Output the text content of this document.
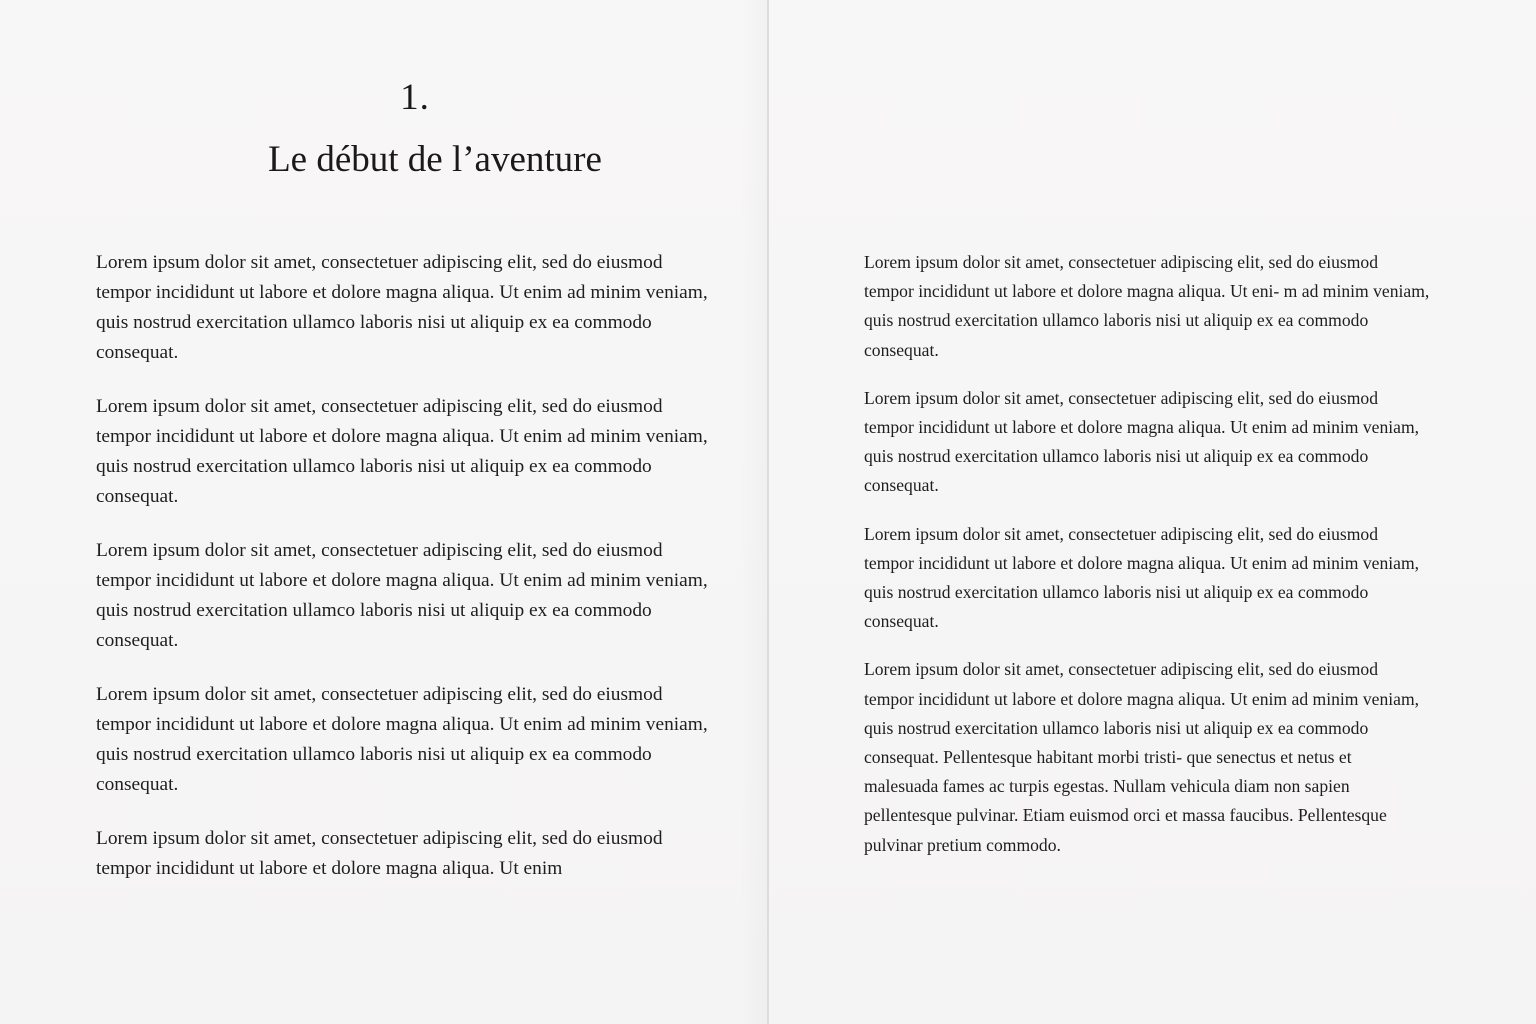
1.
Le début de l’aventure

Lorem ipsum dolor sit amet, consectetuer adipiscing elit, sed do eiusmod tempor incididunt ut labore et dolore magna aliqua. Ut enim ad minim veniam, quis nostrud exercitation ullamco laboris nisi ut aliquip ex ea commodo consequat.

Lorem ipsum dolor sit amet, consectetuer adipiscing elit, sed do eiusmod tempor incididunt ut labore et dolore magna aliqua. Ut enim ad minim veniam, quis nostrud exercitation ullamco laboris nisi ut aliquip ex ea commodo consequat.

Lorem ipsum dolor sit amet, consectetuer adipiscing elit, sed do eiusmod tempor incididunt ut labore et dolore magna aliqua. Ut enim ad minim veniam, quis nostrud exercitation ullamco laboris nisi ut aliquip ex ea commodo consequat.

Lorem ipsum dolor sit amet, consectetuer adipiscing elit, sed do eiusmod tempor incididunt ut labore et dolore magna aliqua. Ut enim ad minim veniam, quis nostrud exercitation ullamco laboris nisi ut aliquip ex ea commodo consequat.

Lorem ipsum dolor sit amet, consectetuer adipiscing elit, sed do eiusmod tempor incididunt ut labore et dolore magna aliqua. Ut enim

Lorem ipsum dolor sit amet, consectetuer adipiscing elit, sed do eiusmod tempor incididunt ut labore et dolore magna aliqua. Ut eni- m ad minim veniam, quis nostrud exercitation ullamco laboris nisi ut aliquip ex ea commodo consequat.

Lorem ipsum dolor sit amet, consectetuer adipiscing elit, sed do eiusmod tempor incididunt ut labore et dolore magna aliqua. Ut enim ad minim veniam, quis nostrud exercitation ullamco laboris nisi ut aliquip ex ea commodo consequat.

Lorem ipsum dolor sit amet, consectetuer adipiscing elit, sed do eiusmod tempor incididunt ut labore et dolore magna aliqua. Ut enim ad minim veniam, quis nostrud exercitation ullamco laboris nisi ut aliquip ex ea commodo consequat.

Lorem ipsum dolor sit amet, consectetuer adipiscing elit, sed do eiusmod tempor incididunt ut labore et dolore magna aliqua. Ut enim ad minim veniam, quis nostrud exercitation ullamco laboris nisi ut aliquip ex ea commodo consequat. Pellentesque habitant morbi tristi- que senectus et netus et malesuada fames ac turpis egestas. Nullam vehicula diam non sapien pellentesque pulvinar. Etiam euismod orci et massa faucibus. Pellentesque pulvinar pretium commodo.
